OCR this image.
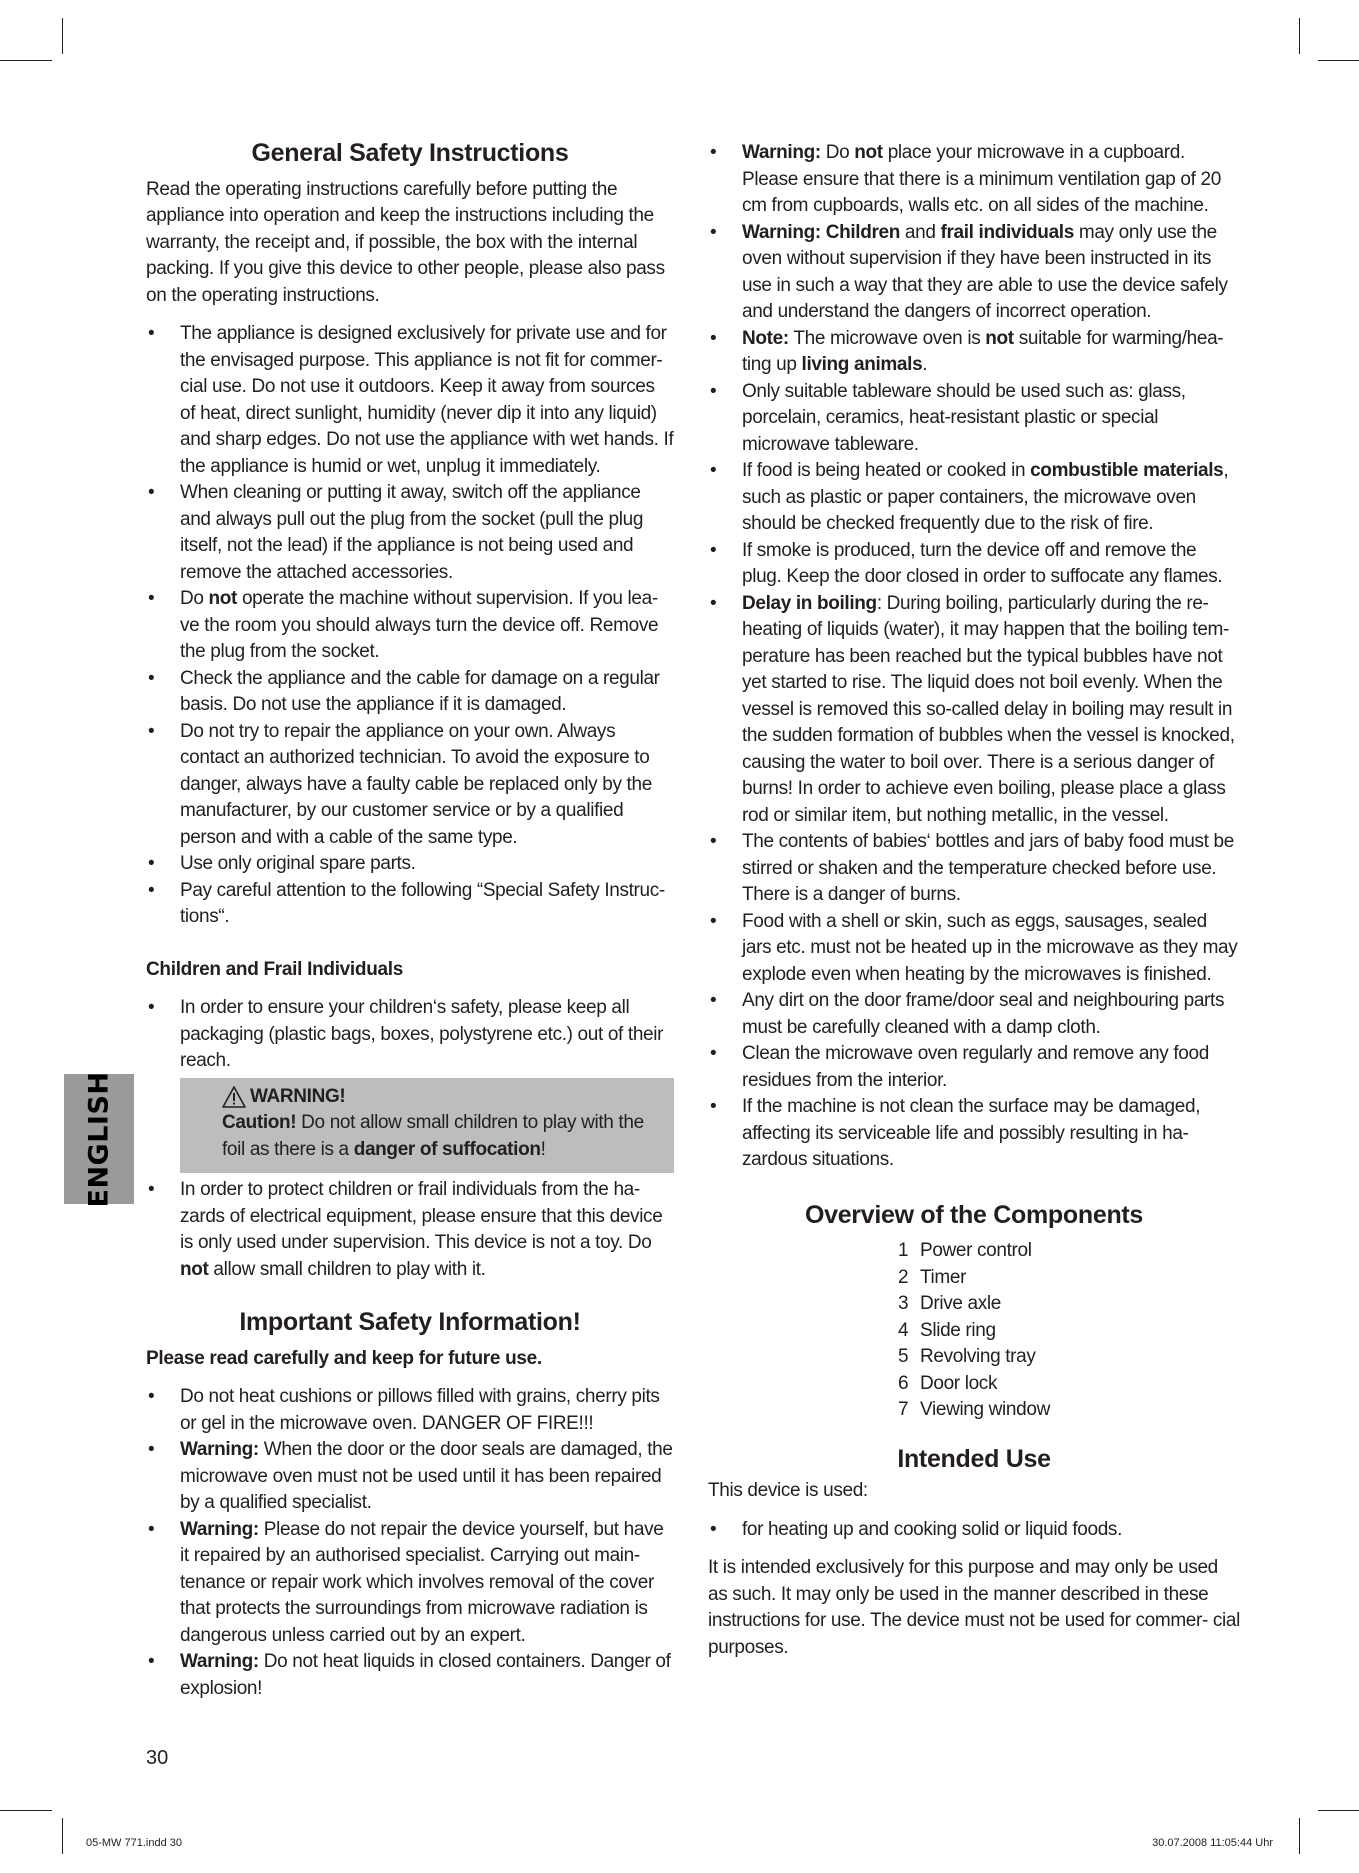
ENGLISH
General Safety Instructions

Read the operating instructions carefully before putting the appliance into operation and keep the instructions including the warranty, the receipt and, if possible, the box with the internal packing. If you give this device to other people, please also pass on the operating instructions.

• The appliance is designed exclusively for private use and for the envisaged purpose. This appliance is not fit for commer- cial use. Do not use it outdoors. Keep it away from sources of heat, direct sunlight, humidity (never dip it into any liquid) and sharp edges. Do not use the appliance with wet hands. If the appliance is humid or wet, unplug it immediately.
• When cleaning or putting it away, switch off the appliance and always pull out the plug from the socket (pull the plug itself, not the lead) if the appliance is not being used and remove the attached accessories.
• Do not operate the machine without supervision. If you lea- ve the room you should always turn the device off. Remove the plug from the socket.
• Check the appliance and the cable for damage on a regular basis. Do not use the appliance if it is damaged.
• Do not try to repair the appliance on your own. Always contact an authorized technician. To avoid the exposure to danger, always have a faulty cable be replaced only by the manufacturer, by our customer service or by a qualified person and with a cable of the same type.
• Use only original spare parts.
• Pay careful attention to the following “Special Safety Instruc- tions“.
Children and Frail Individuals
• In order to ensure your children‘s safety, please keep all packaging (plastic bags, boxes, polystyrene etc.) out of their reach.
WARNING!
Caution! Do not allow small children to play with the foil as there is a danger of suffocation!
• In order to protect children or frail individuals from the ha- zards of electrical equipment, please ensure that this device is only used under supervision. This device is not a toy. Do not allow small children to play with it.
Important Safety Information!
Please read carefully and keep for future use.
• Do not heat cushions or pillows filled with grains, cherry pits or gel in the microwave oven. DANGER OF FIRE!!!
• Warning: When the door or the door seals are damaged, the microwave oven must not be used until it has been repaired by a qualified specialist.
• Warning: Please do not repair the device yourself, but have it repaired by an authorised specialist. Carrying out main- tenance or repair work which involves removal of the cover that protects the surroundings from microwave radiation is dangerous unless carried out by an expert.
• Warning: Do not heat liquids in closed containers. Danger of explosion!
• Warning: Do not place your microwave in a cupboard. Please ensure that there is a minimum ventilation gap of 20 cm from cupboards, walls etc. on all sides of the machine.
• Warning: Children and frail individuals may only use the oven without supervision if they have been instructed in its use in such a way that they are able to use the device safely and understand the dangers of incorrect operation.
• Note: The microwave oven is not suitable for warming/hea- ting up living animals.
• Only suitable tableware should be used such as: glass, porcelain, ceramics, heat-resistant plastic or special microwave tableware.
• If food is being heated or cooked in combustible materials, such as plastic or paper containers, the microwave oven should be checked frequently due to the risk of fire.
• If smoke is produced, turn the device off and remove the plug. Keep the door closed in order to suffocate any flames.
• Delay in boiling: During boiling, particularly during the re- heating of liquids (water), it may happen that the boiling tem- perature has been reached but the typical bubbles have not yet started to rise. The liquid does not boil evenly. When the vessel is removed this so-called delay in boiling may result in the sudden formation of bubbles when the vessel is knocked, causing the water to boil over. There is a serious danger of burns! In order to achieve even boiling, please place a glass rod or similar item, but nothing metallic, in the vessel.
• The contents of babies‘ bottles and jars of baby food must be stirred or shaken and the temperature checked before use. There is a danger of burns.
• Food with a shell or skin, such as eggs, sausages, sealed jars etc. must not be heated up in the microwave as they may explode even when heating by the microwaves is finished.
• Any dirt on the door frame/door seal and neighbouring parts must be carefully cleaned with a damp cloth.
• Clean the microwave oven regularly and remove any food residues from the interior.
• If the machine is not clean the surface may be damaged, affecting its serviceable life and possibly resulting in ha- zardous situations.
Overview of the Components
1 Power control
2 Timer
3 Drive axle
4 Slide ring
5 Revolving tray
6 Door lock
7 Viewing window
Intended Use

This device is used:

• for heating up and cooking solid or liquid foods.

It is intended exclusively for this purpose and may only be used as such. It may only be used in the manner described in these instructions for use. The device must not be used for commer- cial purposes.

30
05-MW 771.indd 30	30.07.2008 11:05:44 Uhr
